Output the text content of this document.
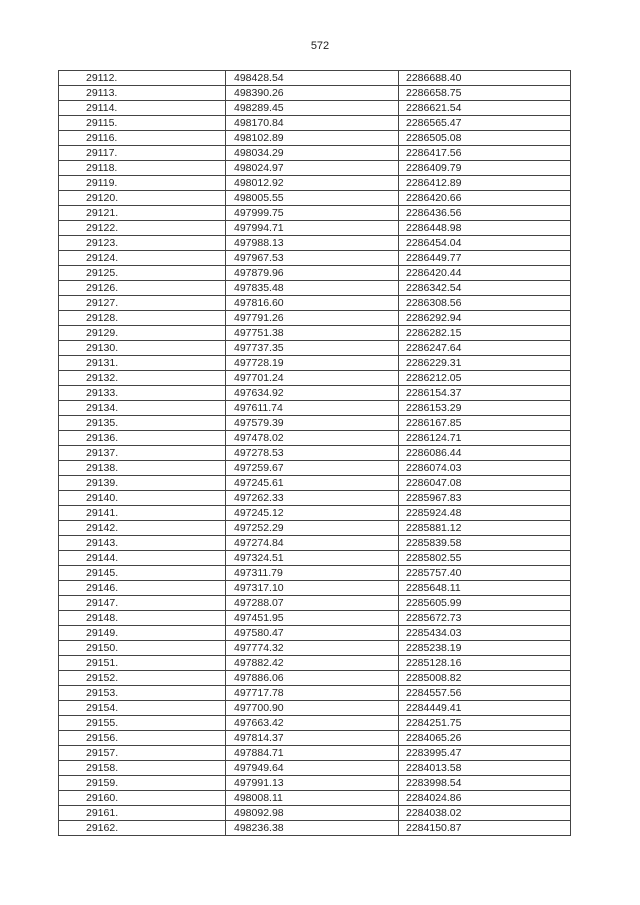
572
29112.	498428.54	2286688.40
29113.	498390.26	2286658.75
29114.	498289.45	2286621.54
29115.	498170.84	2286565.47
29116.	498102.89	2286505.08
29117.	498034.29	2286417.56
29118.	498024.97	2286409.79
29119.	498012.92	2286412.89
29120.	498005.55	2286420.66
29121.	497999.75	2286436.56
29122.	497994.71	2286448.98
29123.	497988.13	2286454.04
29124.	497967.53	2286449.77
29125.	497879.96	2286420.44
29126.	497835.48	2286342.54
29127.	497816.60	2286308.56
29128.	497791.26	2286292.94
29129.	497751.38	2286282.15
29130.	497737.35	2286247.64
29131.	497728.19	2286229.31
29132.	497701.24	2286212.05
29133.	497634.92	2286154.37
29134.	497611.74	2286153.29
29135.	497579.39	2286167.85
29136.	497478.02	2286124.71
29137.	497278.53	2286086.44
29138.	497259.67	2286074.03
29139.	497245.61	2286047.08
29140.	497262.33	2285967.83
29141.	497245.12	2285924.48
29142.	497252.29	2285881.12
29143.	497274.84	2285839.58
29144.	497324.51	2285802.55
29145.	497311.79	2285757.40
29146.	497317.10	2285648.11
29147.	497288.07	2285605.99
29148.	497451.95	2285672.73
29149.	497580.47	2285434.03
29150.	497774.32	2285238.19
29151.	497882.42	2285128.16
29152.	497886.06	2285008.82
29153.	497717.78	2284557.56
29154.	497700.90	2284449.41
29155.	497663.42	2284251.75
29156.	497814.37	2284065.26
29157.	497884.71	2283995.47
29158.	497949.64	2284013.58
29159.	497991.13	2283998.54
29160.	498008.11	2284024.86
29161.	498092.98	2284038.02
29162.	498236.38	2284150.87
